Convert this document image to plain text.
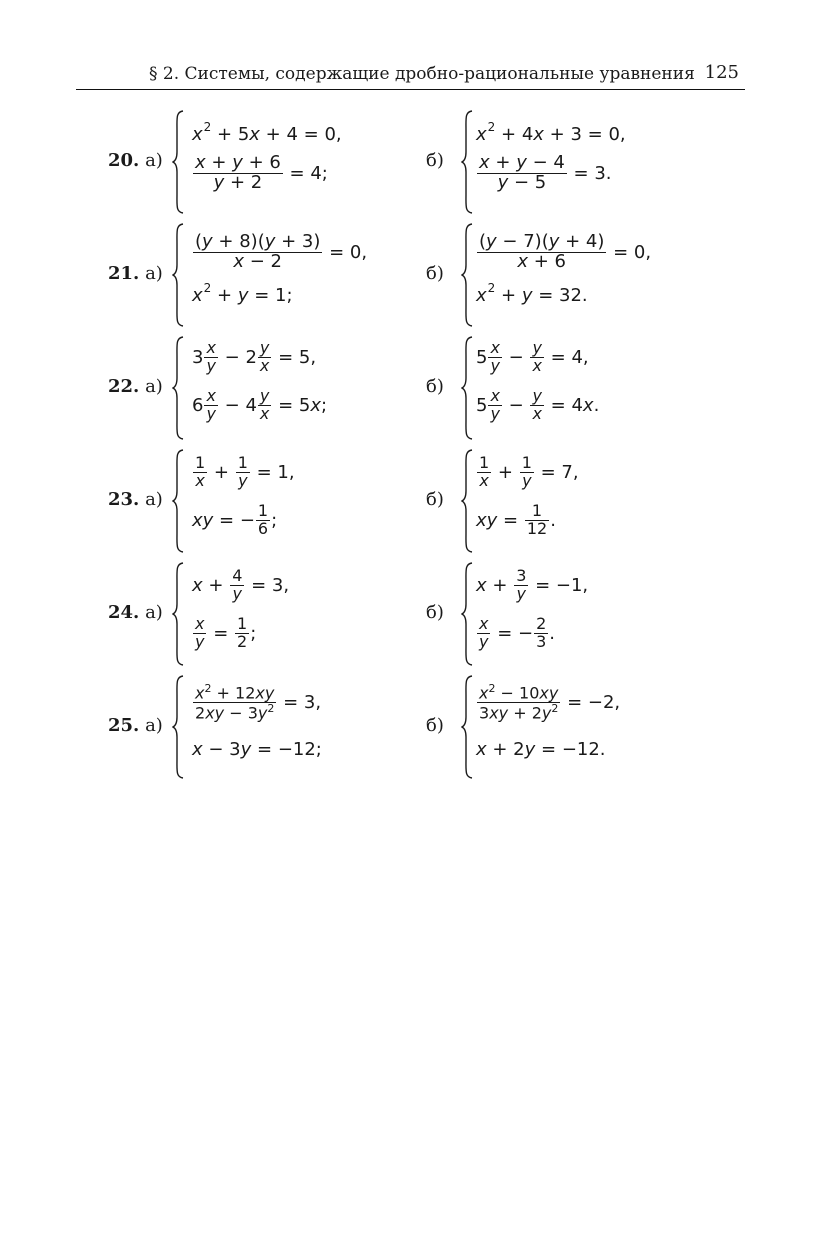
§ 2. Системы, содержащие дробно-рациональные уравнения 125
20. а)
x 2 + 5 x + 4 = 0,
$\frac{x + y + 6}{y + 2} = 4$;
б)
x 2 + 4 x + 3 = 0,
$\frac{x + y - 4}{y - 5} = 3$.
21. а)
$\frac{(y + 8)(y + 3)}{x - 2} = 0$,
x 2 + y = 1;
б)
$\frac{(y - 7)(y + 4)}{x + 6} = 0$,
x 2 + y = 32.
22. а)
$3 \frac{x}{y} - 2 \frac{y}{x} = 5$,
$6 \frac{x}{y} - 4 \frac{y}{x} = 5$ x ;
б)
$5 \frac{x}{y} - \frac{y}{x} = 4$,
$5 \frac{x}{y} - \frac{y}{x} = 4$ x .
23. а)
$\frac{1}{x} + \frac{1}{y} = 1$,
xy = − $\frac{1}{6}$ ;
б)
$\frac{1}{x} + \frac{1}{y} = 7$,
xy = $\frac{1}{12}$ .
24. а)
$x + \frac{4}{y} = 3$,
$\frac{x}{y} = \frac{1}{2}$ ;
б)
$x + \frac{3}{y} = -1$,
$\frac{x}{y}$ = − $\frac{2}{3}$ .
25. а)
$\frac{x^2 + 12xy}{2xy - 3y^2} = 3$,
x − 3 y = −12;
б)
$\frac{x^2 - 10xy}{3xy + 2y^2} = -2$,
x + 2 y = −12.
